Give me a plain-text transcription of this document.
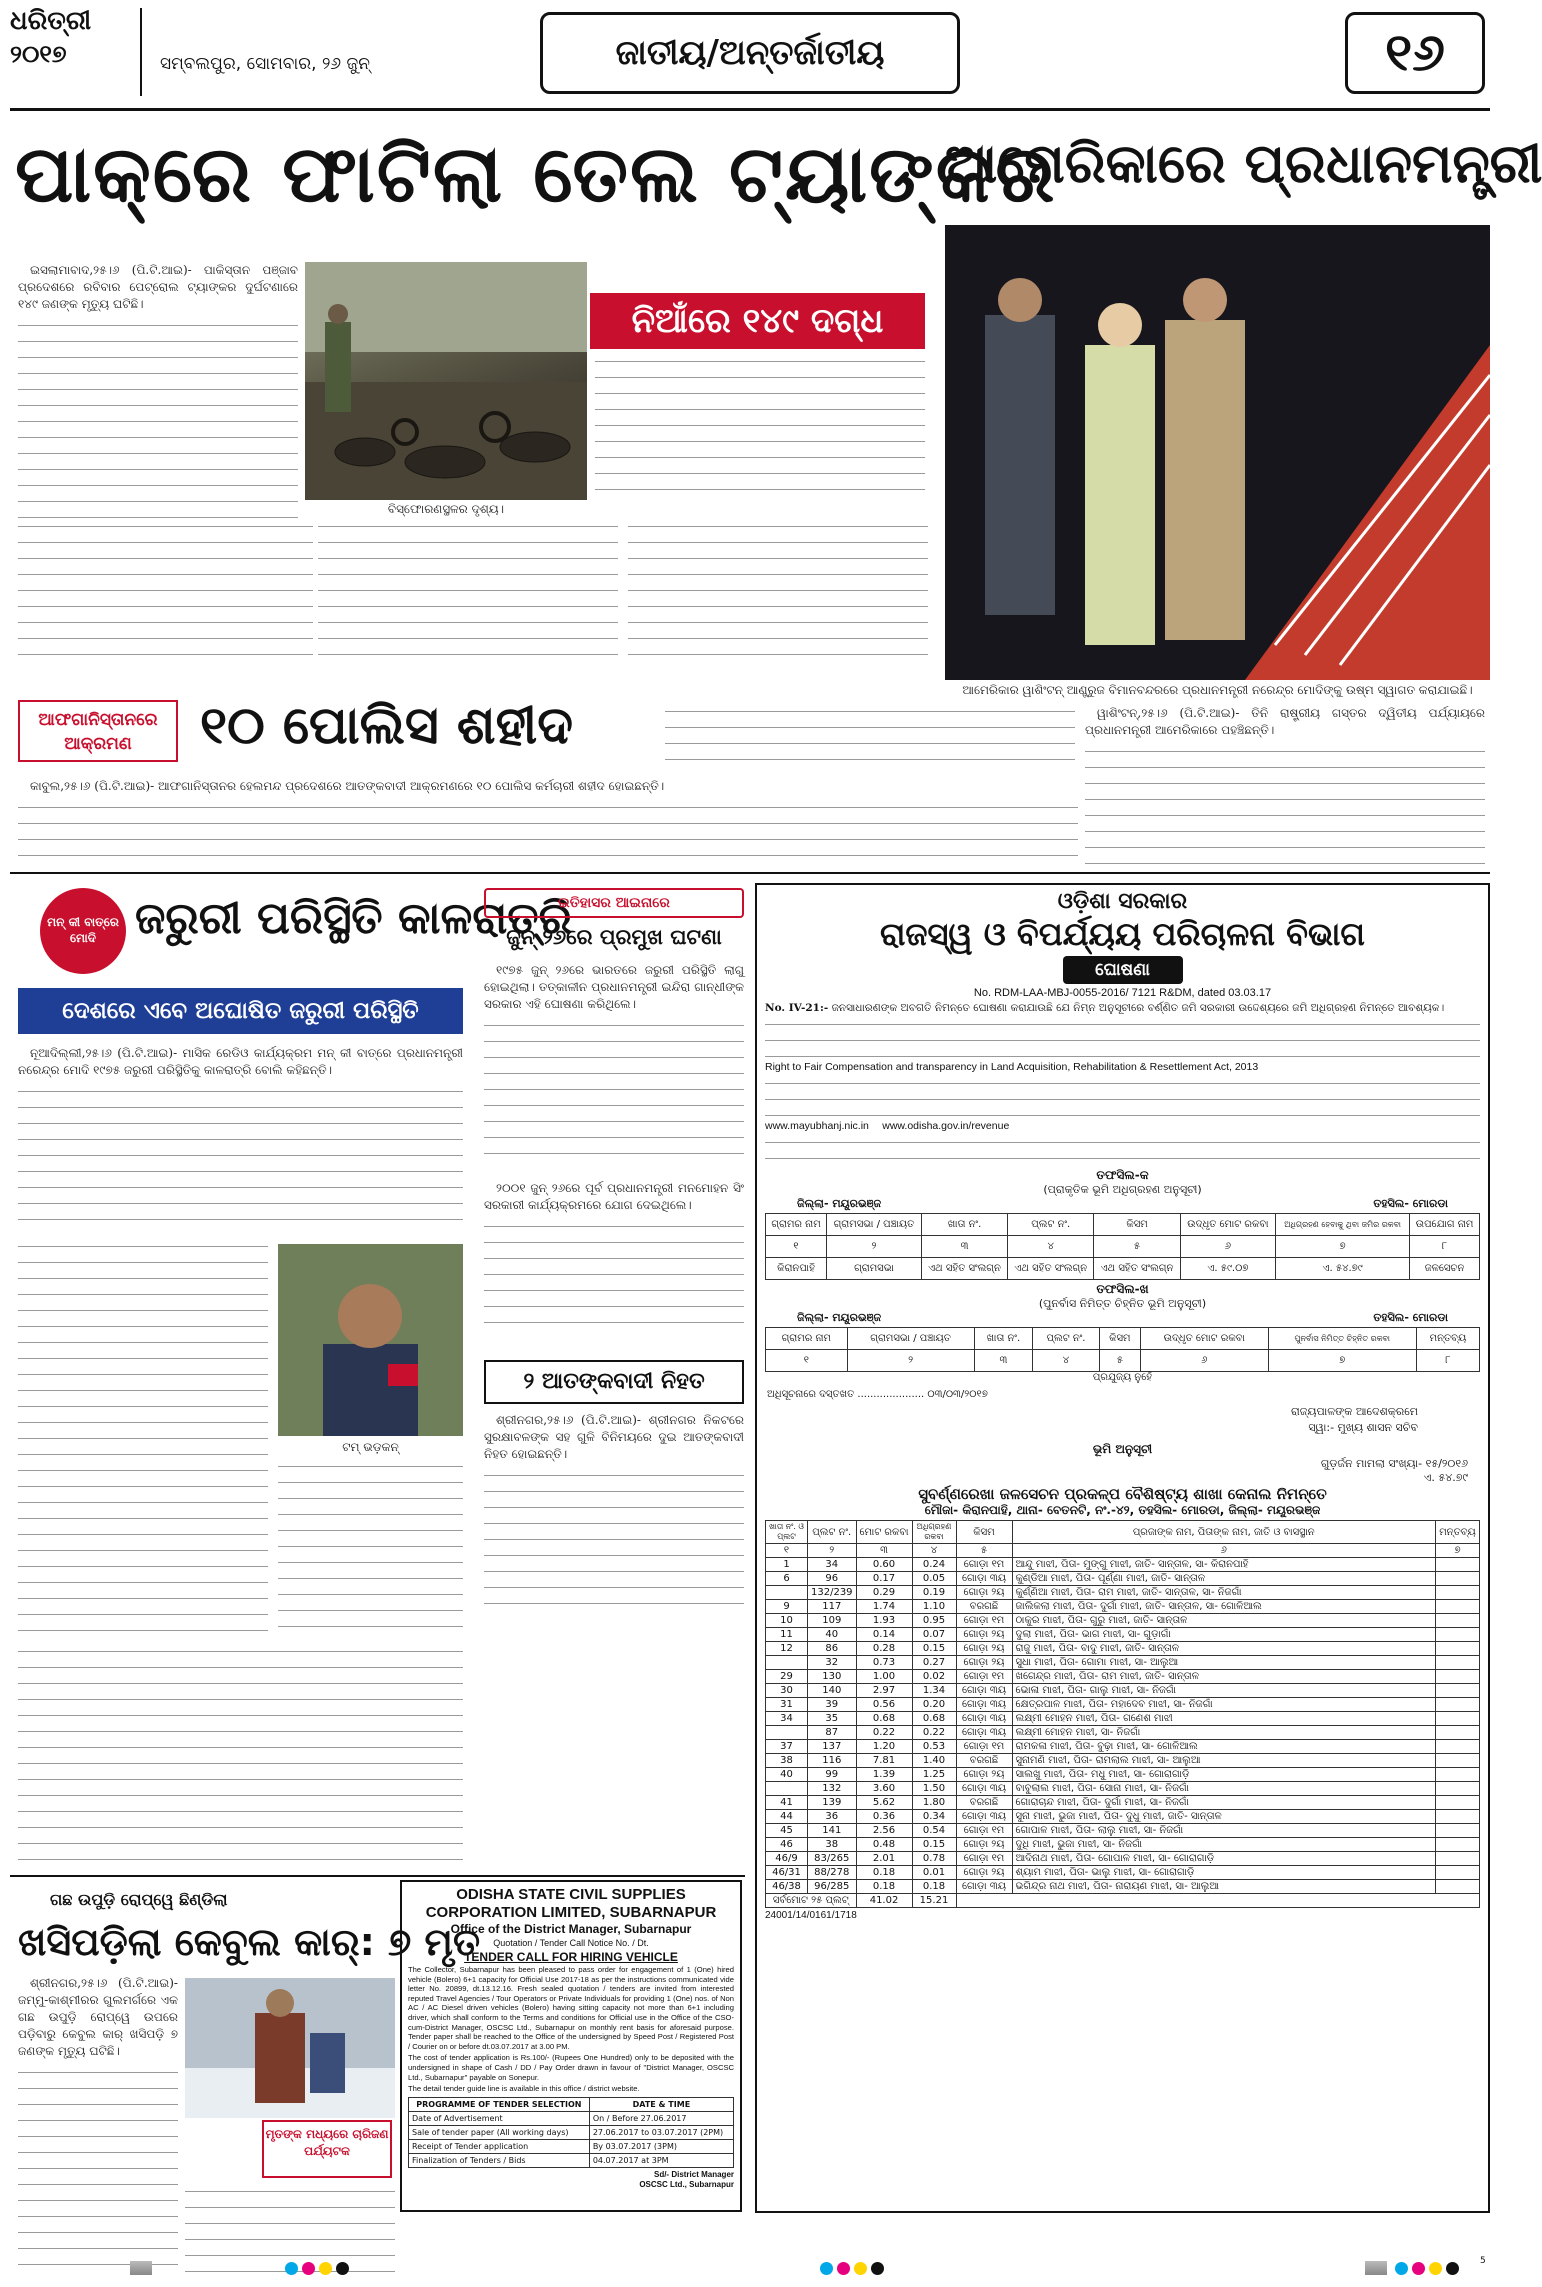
ଧରିତ୍ରୀ
୨୦୧୭	ସମ୍ବଲପୁର, ସୋମବାର, ୨୬ ଜୁନ୍	ଜାତୀୟ/ଅନ୍ତର୍ଜାତୀୟ	୧୬
ପାକ୍‌ରେ ଫାଟିଲା ତେଲ ଟ୍ୟାଙ୍କର
ଆମେରିକାରେ ପ୍ରଧାନମନ୍ତ୍ରୀ
ବିସ୍ଫୋରଣସ୍ଥଳର ଦୃଶ୍ୟ।
ନିଆଁରେ ୧୪୯ ଦଗ୍ଧ

ଇସଲାମାବାଦ,୨୫।୬ (ପି.ଟି.ଆଇ)- ପାକିସ୍ତାନ ପଞ୍ଜାବ ପ୍ରଦେଶରେ ରବିବାର ପେଟ୍ରୋଲ ଟ୍ୟାଙ୍କର ଦୁର୍ଘଟଣାରେ ୧୪୯ ଜଣଙ୍କ ମୃତ୍ୟୁ ଘଟିଛି।

ଆମେରିକାର ୱାଶିଂଟନ୍ ଆଣ୍ଡ୍ରୁଜ ବିମାନବନ୍ଦରରେ ପ୍ରଧାନମନ୍ତ୍ରୀ ନରେନ୍ଦ୍ର ମୋଦିଙ୍କୁ ଉଷ୍ମ ସ୍ୱାଗତ କରାଯାଇଛି।

ୱାଶିଂଟନ୍,୨୫।୬ (ପି.ଟି.ଆଇ)- ତିନି ରାଷ୍ଟ୍ରୀୟ ଗସ୍ତର ଦ୍ୱିତୀୟ ପର୍ଯ୍ୟାୟରେ ପ୍ରଧାନମନ୍ତ୍ରୀ ଆମେରିକାରେ ପହଞ୍ଚିଛନ୍ତି।

ଆଫଗାନିସ୍ତାନରେ ଆକ୍ରମଣ	୧୦ ପୋଲିସ ଶହୀଦ

କାବୁଲ,୨୫।୬ (ପି.ଟି.ଆଇ)- ଆଫଗାନିସ୍ତାନର ହେଲମନ୍ଦ ପ୍ରଦେଶରେ ଆତଙ୍କବାଦୀ ଆକ୍ରମଣରେ ୧୦ ପୋଲିସ କର୍ମଚାରୀ ଶହୀଦ ହୋଇଛନ୍ତି।

ମନ୍ କୀ ବାତ୍‌ରେ ମୋଦି ଜରୁରୀ ପରିସ୍ଥିତି କାଳରାତ୍ରି
ଦେଶରେ ଏବେ ଅଘୋଷିତ ଜରୁରୀ ପରିସ୍ଥିତି

ନୂଆଦିଲ୍ଲୀ,୨୫।୬ (ପି.ଟି.ଆଇ)- ମାସିକ ରେଡିଓ କାର୍ଯ୍ୟକ୍ରମ ମନ୍ କୀ ବାତ୍‌ରେ ପ୍ରଧାନମନ୍ତ୍ରୀ ନରେନ୍ଦ୍ର ମୋଦି ୧୯୭୫ ଜରୁରୀ ପରିସ୍ଥିତିକୁ କାଳରାତ୍ରି ବୋଲି କହିଛନ୍ତି।

ଟମ୍ ଭଡ଼କନ୍
ଇତିହାସର ଆଇନାରେ
ଜୁନ୍ ୨୬ରେ ପ୍ରମୁଖ ଘଟଣା

୧୯୭୫ ଜୁନ୍ ୨୬ରେ ଭାରତରେ ଜରୁରୀ ପରିସ୍ଥିତି ଲାଗୁ ହୋଇଥିଲା। ତତ୍କାଳୀନ ପ୍ରଧାନମନ୍ତ୍ରୀ ଇନ୍ଦିରା ଗାନ୍ଧୀଙ୍କ ସରକାର ଏହି ଘୋଷଣା କରିଥିଲେ।

୨୦୦୧ ଜୁନ୍ ୨୬ରେ ପୂର୍ବ ପ୍ରଧାନମନ୍ତ୍ରୀ ମନମୋହନ ସିଂ ସରକାରୀ କାର୍ଯ୍ୟକ୍ରମରେ ଯୋଗ ଦେଇଥିଲେ।

୨ ଆତଙ୍କବାଦୀ ନିହତ

ଶ୍ରୀନଗର,୨୫।୬ (ପି.ଟି.ଆଇ)- ଶ୍ରୀନଗର ନିକଟରେ ସୁରକ୍ଷାବଳଙ୍କ ସହ ଗୁଳି ବିନିମୟରେ ଦୁଇ ଆତଙ୍କବାଦୀ ନିହତ ହୋଇଛନ୍ତି।

ଗଛ ଉପୁଡ଼ି ରୋପ୍‌ୱେ ଛିଣ୍ଡିଲା
ଖସିପଡ଼ିଲା କେବୁଲ କାର୍: ୭ ମୃତ

ଶ୍ରୀନଗର,୨୫।୬ (ପି.ଟି.ଆଇ)- ଜମ୍ମୁ-କାଶ୍ମୀରର ଗୁଲମର୍ଗରେ ଏକ ଗଛ ଉପୁଡ଼ି ରୋପ୍‌ୱେ ଉପରେ ପଡ଼ିବାରୁ କେବୁଲ କାର୍ ଖସିପଡ଼ି ୭ ଜଣଙ୍କ ମୃତ୍ୟୁ ଘଟିଛି।

ମୃତଙ୍କ ମଧ୍ୟରେ ଚାରିଜଣ ପର୍ଯ୍ୟଟକ
ODISHA STATE CIVIL SUPPLIES
CORPORATION LIMITED, SUBARNAPUR
Office of the District Manager, Subarnapur
Quotation / Tender Call Notice No. / Dt.
TENDER CALL FOR HIRING VEHICLE
The Collector, Subarnapur has been pleased to pass order for engagement of 1 (One) hired vehicle (Bolero) 6+1 capacity for Official Use 2017-18 as per the instructions communicated vide letter No. 20899, dt.13.12.16. Fresh sealed quotation / tenders are invited from interested reputed Travel Agencies / Tour Operators or Private Individuals for providing 1 (One) nos. of Non AC / AC Diesel driven vehicles (Bolero) having sitting capacity not more than 6+1 including driver, which shall conform to the Terms and conditions for Official use in the Office of the CSO-cum-District Manager, OSCSC Ltd., Subarnapur on monthly rent basis for aforesaid purpose. Tender paper shall be reached to the Office of the undersigned by Speed Post / Registered Post / Courier on or before dt.03.07.2017 at 3.00 PM.
The cost of tender application is Rs.100/- (Rupees One Hundred) only to be deposited with the undersigned in shape of Cash / DD / Pay Order drawn in favour of "District Manager, OSCSC Ltd., Subarnapur" payable on Sonepur.
The detail tender guide line is available in this office / district website.
PROGRAMME OF TENDER SELECTION	DATE & TIME
Date of Advertisement	On / Before 27.06.2017
Sale of tender paper (All working days)	27.06.2017 to 03.07.2017 (2PM)
Receipt of Tender application	By 03.07.2017 (3PM)
Finalization of Tenders / Bids	04.07.2017 at 3PM
Sd/- District Manager
OSCSC Ltd., Subarnapur
ଓଡ଼ିଶା ସରକାର
ରାଜସ୍ୱ ଓ ବିପର୍ଯ୍ୟୟ ପରିଚାଳନା ବିଭାଗ
ଘୋଷଣା
No. RDM-LAA-MBJ-0055-2016/ 7121 R&DM, dated 03.03.17
No. IV-21:- ଜନସାଧାରଣଙ୍କ ଅବଗତି ନିମନ୍ତେ ଘୋଷଣା କରାଯାଉଛି ଯେ ନିମ୍ନ ଅନୁସୂଚୀରେ ବର୍ଣ୍ଣିତ ଜମି ସରକାରୀ ଉଦ୍ଦେଶ୍ୟରେ ଜମି ଅଧିଗ୍ରହଣ ନିମନ୍ତେ ଆବଶ୍ୟକ।
Right to Fair Compensation and transparency in Land Acquisition, Rehabilitation & Resettlement Act, 2013
www.mayubhanj.nic.in www.odisha.gov.in/revenue
ତଫସିଲ-କ
(ପ୍ରାକୃତିକ ଭୂମି ଅଧିଗ୍ରହଣ ଅନୁସୂଚୀ)
ଜିଲ୍ଲା- ମୟୂରଭଞ୍ଜ	ତହସିଲ- ମୋରଡା
ଗ୍ରାମର ନାମ	ଗ୍ରାମସଭା / ପଞ୍ଚାୟତ	ଖାତା ନଂ.	ପ୍ଲଟ ନଂ.	କିସମ	ଉଦ୍ଧୃତ ମୋଟ ରକବା	ଅଧିଗ୍ରହଣ ହେବାକୁ ଥିବା ଜମିର ରକବା	ଉପଯୋଗ ନାମ
୧	୨	୩	୪	୫	୬	୭	୮
କିରାନପାହି	ଗ୍ରାମସଭା	ଏଥ ସହିତ ସଂଲଗ୍ନ	ଏଥ ସହିତ ସଂଲଗ୍ନ	ଏଥ ସହିତ ସଂଲଗ୍ନ	ଏ. ୫୯.୦୭	ଏ. ୫୪.୭୯	ଜଳସେଚନ
ତଫସିଲ-ଖ
(ପୁନର୍ବାସ ନିମିତ୍ତ ଚିହ୍ନିତ ଭୂମି ଅନୁସୂଚୀ)
ଜିଲ୍ଲା- ମୟୂରଭଞ୍ଜ	ତହସିଲ- ମୋରଡା
ଗ୍ରାମର ନାମ	ଗ୍ରାମସଭା / ପଞ୍ଚାୟତ	ଖାତା ନଂ.	ପ୍ଲଟ ନଂ.	କିସମ	ଉଦ୍ଧୃତ ମୋଟ ରକବା	ପୁନର୍ବାସ ନିମିତ୍ତ ଚିହ୍ନିତ ରକବା	ମନ୍ତବ୍ୟ
୧	୨	୩	୪	୫	୬	୭	୮
ପ୍ରଯୁଜ୍ୟ ନୁହେଁ
ଅଧିସୂଚନାରେ ଦସ୍ତଖତ ..................... ୦୩/୦୩/୨୦୧୭
ରାଜ୍ୟପାଳଙ୍କ ଆଦେଶକ୍ରମେ
ସ୍ୱା:- ମୁଖ୍ୟ ଶାସନ ସଚିବ
ଭୂମି ଅନୁସୂଚୀ
ଗୁଡ଼ର୍ଜନ ମାମଲା ସଂଖ୍ୟା- ୧୫/୨୦୧୬
ଏ. ୫୪.୭୯
ସୁବର୍ଣ୍ଣରେଖା ଜଳସେଚନ ପ୍ରକଳ୍ପ ବୈଶିଷ୍ଟ୍ୟ ଶାଖା କେନାଲ ନିମନ୍ତେ
ମୌଜା- କିରାନପାହି, ଥାନା- ବେତନଟି, ନଂ.-୪୨, ତହସିଲ- ମୋରଡା, ଜିଲ୍ଲା- ମୟୂରଭଞ୍ଜ
ଖାତା ନଂ. ଓ ପ୍ଲଟ	ପ୍ଲଟ ନଂ.	ମୋଟ ରକବା	ଅଧିଗ୍ରହଣ ରକବା	କିସମ	ପ୍ରଜାଙ୍କ ନାମ, ପିତାଙ୍କ ନାମ, ଜାତି ଓ ବାସସ୍ଥାନ	ମନ୍ତବ୍ୟ
୧	୨	୩	୪	୫	୬	୭
1	34	0.60	0.24	ଗୋଡ଼ା ୧ମ	ଆନ୍ଦୁ ମାଝୀ, ପିତା- ମୁଙ୍ଗୁ ମାଝୀ, ଜାତି- ସାନ୍ତାଳ, ସା- କିରାନପାହି	
6	96	0.17	0.05	ଗୋଡ଼ା ୩ୟ	କୁଣ୍ଡିଆ ମାଝୀ, ପିତା- ପୂର୍ଣ୍ଣା ମାଝୀ, ଜାତି- ସାନ୍ତାଳ	
	132/239	0.29	0.19	ଗୋଡ଼ା ୨ୟ	କୁର୍ଣ୍ଣିଆ ମାଝୀ, ପିତା- ରାମ ମାଝୀ, ଜାତି- ସାନ୍ତାଳ, ସା- ନିଜଗାଁ	
9	117	1.74	1.10	ବରଗଛି	ଜାଲିକଲା ମାଝୀ, ପିତା- ଦୁର୍ଗା ମାଝୀ, ଜାତି- ସାନ୍ତାଳ, ସା- ଗୋଳିଆଲ	
10	109	1.93	0.95	ଗୋଡ଼ା ୧ମ	ଠାକୁର ମାଝୀ, ପିତା- ଗୁରୁ ମାଝୀ, ଜାତି- ସାନ୍ତାଳ	
11	40	0.14	0.07	ଗୋଡ଼ା ୨ୟ	ଦୁଲା ମାଝୀ, ପିତା- ଭାଗ ମାଝୀ, ସା- ଗୁଡ଼ାଗାଁ	
12	86	0.28	0.15	ଗୋଡ଼ା ୨ୟ	ରାଜୁ ମାଝୀ, ପିତା- ବାଦୁ ମାଝୀ, ଜାତି- ସାନ୍ତାଳ	
	32	0.73	0.27	ଗୋଡ଼ା ୨ୟ	ସୁଧା ମାଝୀ, ପିତା- ଗୋମା ମାଝୀ, ସା- ଆଲୁଆ	
29	130	1.00	0.02	ଗୋଡ଼ା ୧ମ	ଖଗେନ୍ଦ୍ର ମାଝୀ, ପିତା- ରାମ ମାଝୀ, ଜାତି- ସାନ୍ତାଳ	
30	140	2.97	1.34	ଗୋଡ଼ା ୩ୟ	ଭୋଳା ମାଝୀ, ପିତା- ଗାଲୁ ମାଝୀ, ସା- ନିଜଗାଁ	
31	39	0.56	0.20	ଗୋଡ଼ା ୩ୟ	କ୍ଷେତ୍ରପାଳ ମାଝୀ, ପିତା- ମହାଦେବ ମାଝୀ, ସା- ନିଜଗାଁ	
34	35	0.68	0.68	ଗୋଡ଼ା ୩ୟ	ଲକ୍ଷ୍ମୀ ମୋହନ ମାଝୀ, ପିତା- ଗଣେଶ ମାଝୀ	
	87	0.22	0.22	ଗୋଡ଼ା ୩ୟ	ଲକ୍ଷ୍ମୀ ମୋହନ ମାଝୀ, ସା- ନିଜଗାଁ	
37	137	1.20	0.53	ଗୋଡ଼ା ୧ମ	ରାମକଳା ମାଝୀ, ପିତା- ବୁଢ଼ା ମାଝୀ, ସା- ଗୋଳିଆଲ	
38	116	7.81	1.40	ବରଗଛି	ସୁନାମଣି ମାଝୀ, ପିତା- ରାମଲାଲ ମାଝୀ, ସା- ଆଲୁଆ	
40	99	1.39	1.25	ଗୋଡ଼ା ୨ୟ	ସାଲଖୁ ମାଝୀ, ପିତା- ମଧୁ ମାଝୀ, ସା- ଗୋରାଗାଡ଼ି	
	132	3.60	1.50	ଗୋଡ଼ା ୩ୟ	ବାବୁଲାଲ ମାଝୀ, ପିତା- ସୋନା ମାଝୀ, ସା- ନିଜଗାଁ	
41	139	5.62	1.80	ବରଗଛି	ଗୋରାଚାନ୍ଦ ମାଝୀ, ପିତା- ଦୁର୍ଗା ମାଝୀ, ସା- ନିଜଗାଁ	
44	36	0.36	0.34	ଗୋଡ଼ା ୩ୟ	ସୁନା ମାଝୀ, ଭୁଜା ମାଝୀ, ପିତା- ଦୁଧୁ ମାଝୀ, ଜାତି- ସାନ୍ତାଳ	
45	141	2.56	0.54	ଗୋଡ଼ା ୧ମ	ଗୋପାଳ ମାଝୀ, ପିତା- ଲାଲୁ ମାଝୀ, ସା- ନିଜଗାଁ	
46	38	0.48	0.15	ଗୋଡ଼ା ୨ୟ	ଦୁଧି ମାଝୀ, ଭୁଜା ମାଝୀ, ସା- ନିଜଗାଁ	
46/9	83/265	2.01	0.78	ଗୋଡ଼ା ୧ମ	ଆଦିନାଥ ମାଝୀ, ପିତା- ଗୋପାଳ ମାଝୀ, ସା- ଗୋରାଗାଡ଼ି	
46/31	88/278	0.18	0.01	ଗୋଡ଼ା ୨ୟ	ଶ୍ୟାମ ମାଝୀ, ପିତା- ଭାଲୁ ମାଝୀ, ସା- ଗୋରାଗାଡ଼ି	
46/38	96/285	0.18	0.18	ଗୋଡ଼ା ୩ୟ	ଭଗିନ୍ଦ୍ର ନାଥ ମାଝୀ, ପିତା- ନାରାୟଣ ମାଝୀ, ସା- ଆଲୁଆ	
ସର୍ବମୋଟ ୨୫ ପ୍ଲଟ୍		41.02	15.21			
24001/14/0161/1718
5
